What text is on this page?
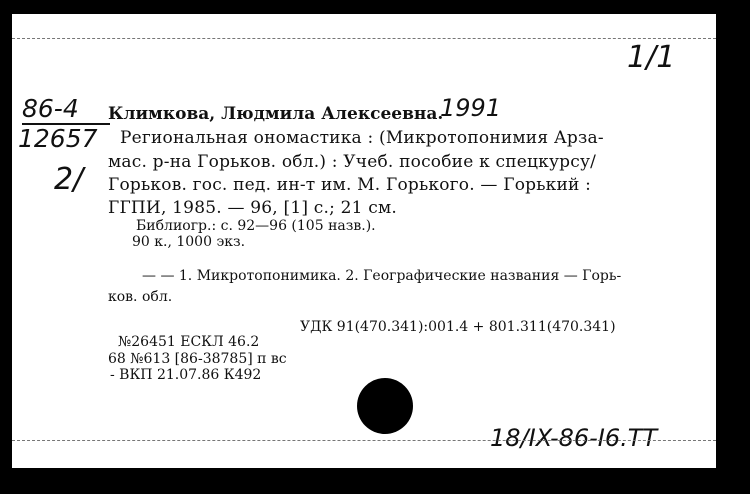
1/1
86-4
12657
2/

Климкова, Людмила Алексеевна.

1991

Региональная ономастика : (Микротопонимия Арза-

мас. р-на Горьков. обл.) : Учеб. пособие к спецкурсу/

Горьков. гос. пед. ин-т им. М. Горького. — Горький :

ГГПИ, 1985. — 96, [1] с.; 21 см.

Библиогр.: с. 92—96 (105 назв.).

90 к., 1000 экз.

— — 1. Микротопонимика. 2. Географические названия — Горь-

ков. обл.

УДК 91(470.341):001.4 + 801.311(470.341)

№26451 ЕСКЛ 46.2

68 №613 [86-38785] п вс

- ВКП 21.07.86 К492

18/IX-86-I6.TT
